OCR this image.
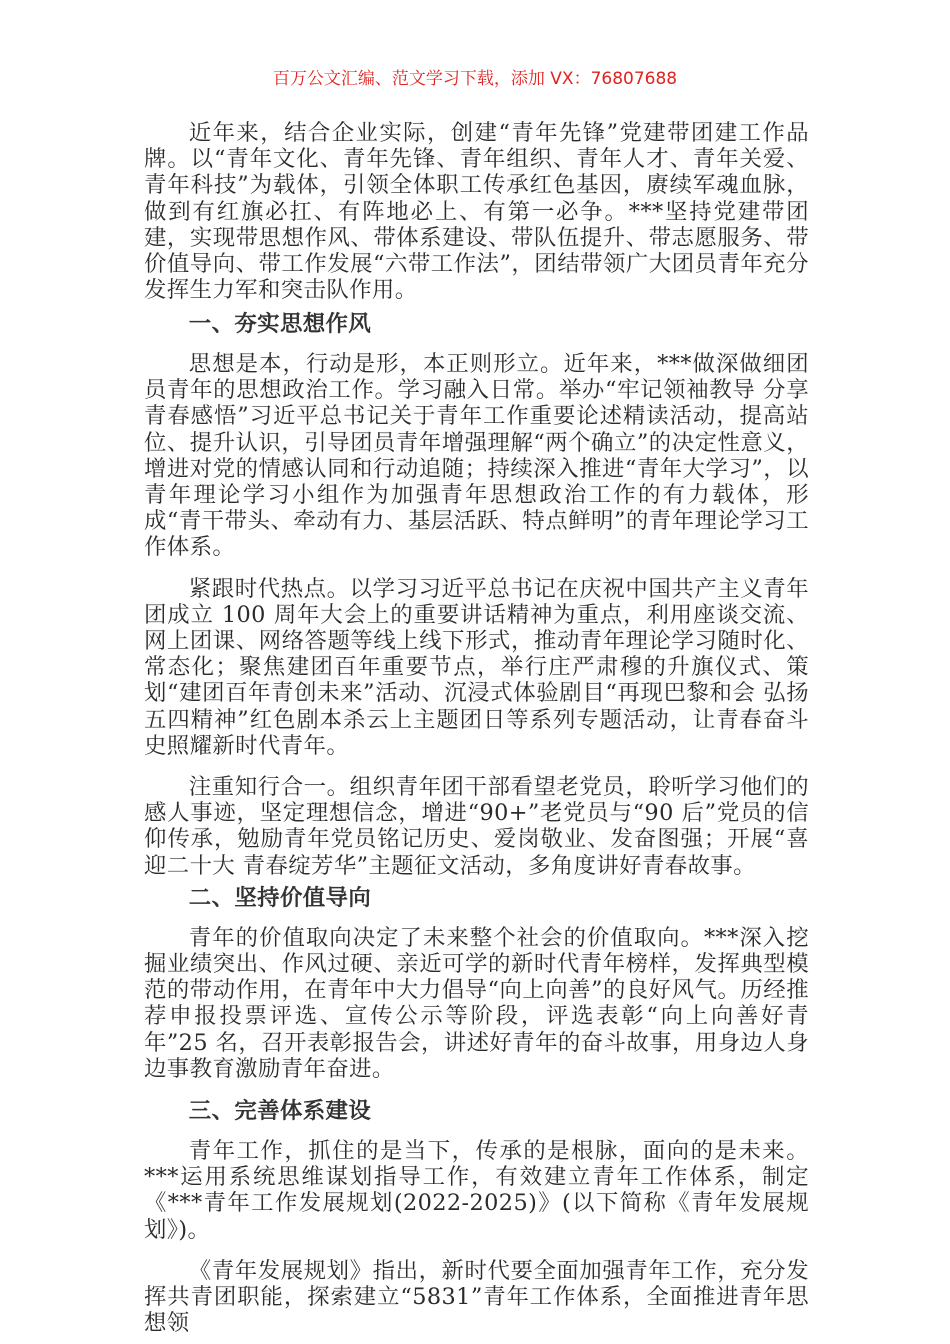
百万公文汇编、范文学习下载，添加 VX：76807688

近年来，结合企业实际，创建“青年先锋”党建带团建工作品牌。以“青年文化、青年先锋、青年组织、青年人才、青年关爱、青年科技”为载体，引领全体职工传承红色基因，赓续军魂血脉，做到有红旗必扛、有阵地必上、有第一必争。***坚持党建带团建，实现带思想作风、带体系建设、带队伍提升、带志愿服务、带价值导向、带工作发展“六带工作法”，团结带领广大团员青年充分发挥生力军和突击队作用。

一、夯实思想作风

思想是本，行动是形，本正则形立。近年来，***做深做细团员青年的思想政治工作。学习融入日常。举办“牢记领袖教导 分享青春感悟”习近平总书记关于青年工作重要论述精读活动，提高站位、提升认识，引导团员青年增强理解“两个确立”的决定性意义，增进对党的情感认同和行动追随；持续深入推进“青年大学习”，以青年理论学习小组作为加强青年思想政治工作的有力载体，形成“青干带头、牵动有力、基层活跃、特点鲜明”的青年理论学习工作体系。

紧跟时代热点。以学习习近平总书记在庆祝中国共产主义青年团成立 100 周年大会上的重要讲话精神为重点，利用座谈交流、网上团课、网络答题等线上线下形式，推动青年理论学习随时化、常态化；聚焦建团百年重要节点，举行庄严肃穆的升旗仪式、策划“建团百年青创未来”活动、沉浸式体验剧目“再现巴黎和会 弘扬五四精神”红色剧本杀云上主题团日等系列专题活动，让青春奋斗史照耀新时代青年。

注重知行合一。组织青年团干部看望老党员，聆听学习他们的感人事迹，坚定理想信念，增进“90+”老党员与“90 后”党员的信仰传承，勉励青年党员铭记历史、爱岗敬业、发奋图强；开展“喜迎二十大 青春绽芳华”主题征文活动，多角度讲好青春故事。

二、坚持价值导向

青年的价值取向决定了未来整个社会的价值取向。***深入挖掘业绩突出、作风过硬、亲近可学的新时代青年榜样，发挥典型模范的带动作用，在青年中大力倡导“向上向善”的良好风气。历经推荐申报投票评选、宣传公示等阶段，评选表彰“向上向善好青年”25 名，召开表彰报告会，讲述好青年的奋斗故事，用身边人身边事教育激励青年奋进。

三、完善体系建设

青年工作，抓住的是当下，传承的是根脉，面向的是未来。***运用系统思维谋划指导工作，有效建立青年工作体系，制定《***青年工作发展规划(2022-2025)》(以下简称《青年发展规划》)。

《青年发展规划》指出，新时代要全面加强青年工作，充分发挥共青团职能，探索建立“5831”青年工作体系，全面推进青年思想领
